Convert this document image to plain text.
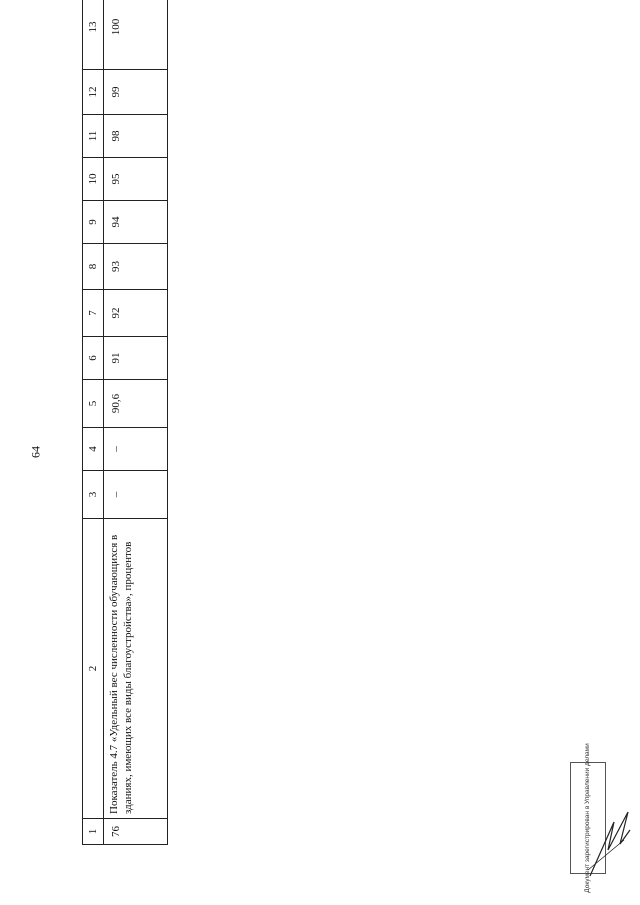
64
1	2	3	4	5	6	7	8	9	10	11	12	13
76	Показатель 4.7 «Удельный вес численности обучающихся в зданиях, имеющих все виды благоустройства», процентов	–	–	90,6	91	92	93	94	95	98	99	100
Документ зарегистрирован в Управлении делами
